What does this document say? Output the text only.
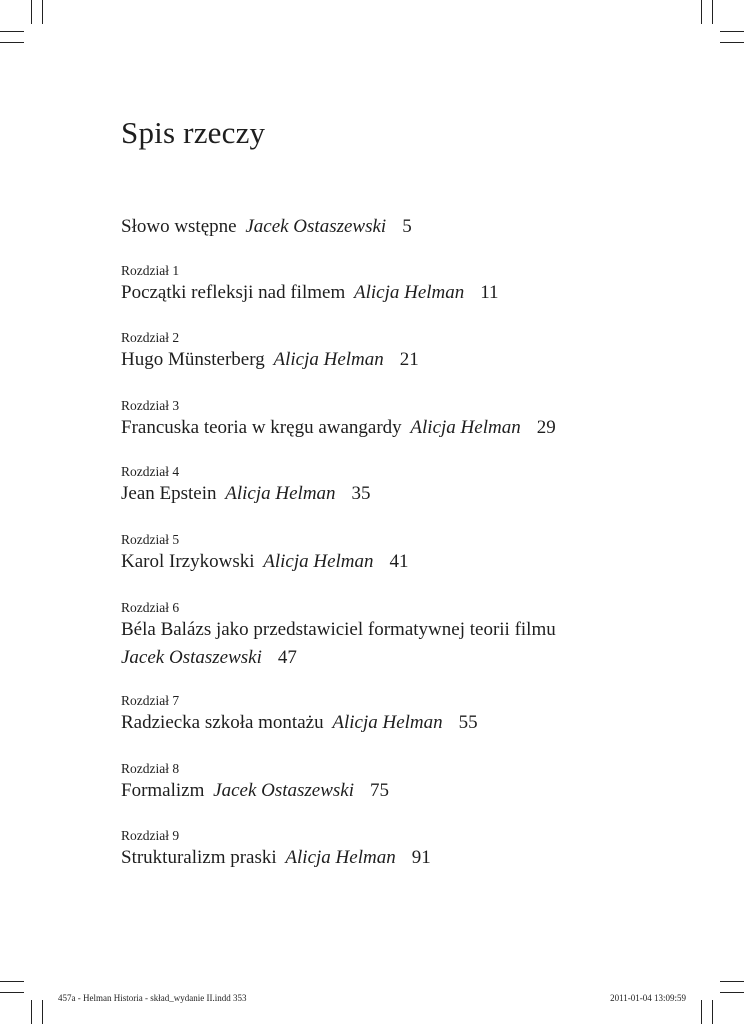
Spis rzeczy
Słowo wstępne Jacek Ostaszewski 5
Rozdział 1
Początki refleksji nad filmem Alicja Helman 11
Rozdział 2
Hugo Münsterberg Alicja Helman 21
Rozdział 3
Francuska teoria w kręgu awangardy Alicja Helman 29
Rozdział 4
Jean Epstein Alicja Helman 35
Rozdział 5
Karol Irzykowski Alicja Helman 41
Rozdział 6
Béla Balázs jako przedstawiciel formatywnej teorii filmu
Jacek Ostaszewski 47
Rozdział 7
Radziecka szkoła montażu Alicja Helman 55
Rozdział 8
Formalizm Jacek Ostaszewski 75
Rozdział 9
Strukturalizm praski Alicja Helman 91
457a - Helman Historia - skład_wydanie II.indd 353	2011-01-04 13:09:59
